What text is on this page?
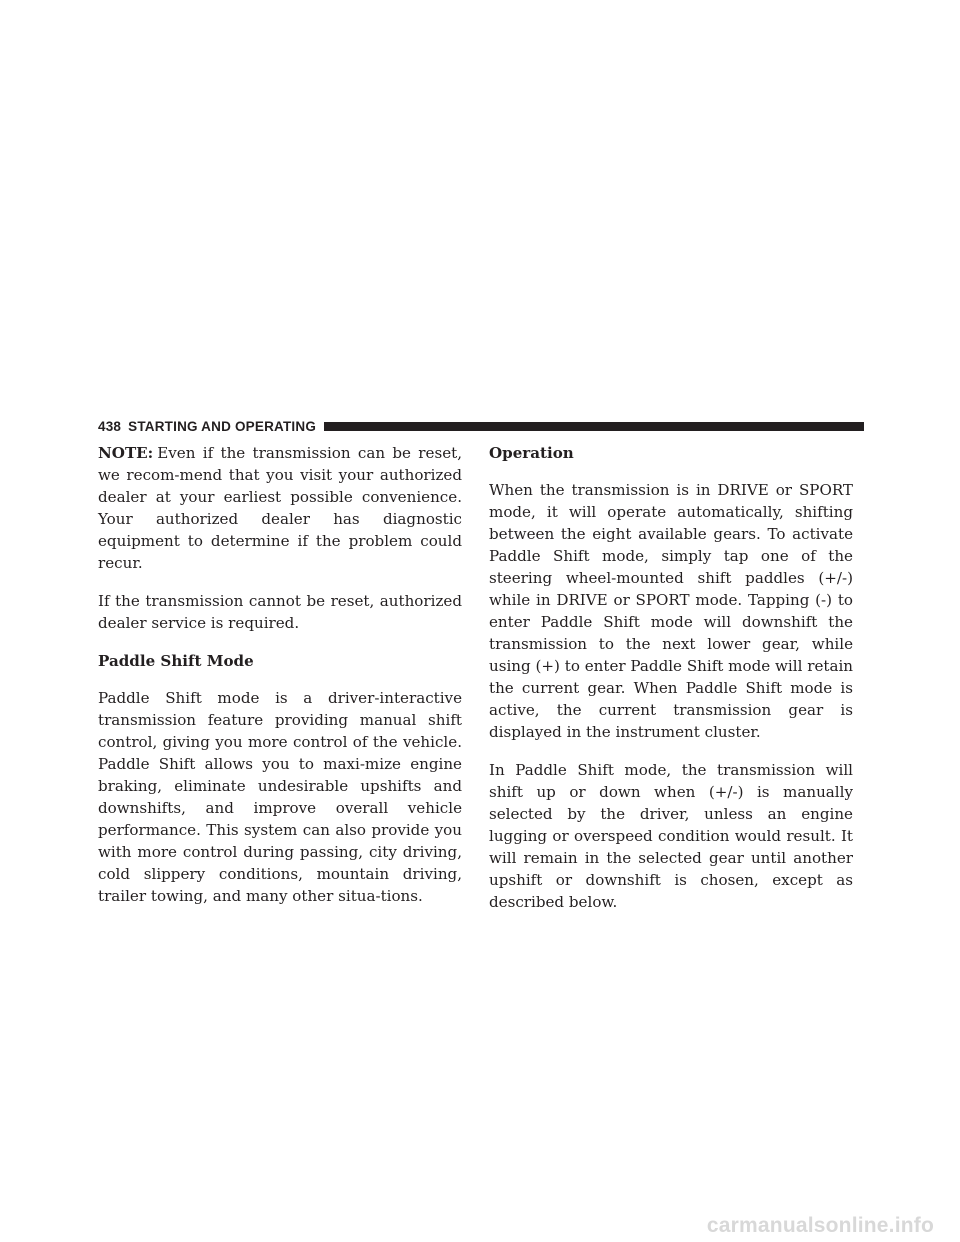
438 STARTING AND OPERATING

NOTE: Even if the transmission can be reset, we recom-mend that you visit your authorized dealer at your earliest possible convenience. Your authorized dealer has diagnostic equipment to determine if the problem could recur.

If the transmission cannot be reset, authorized dealer service is required.

Paddle Shift Mode

Paddle Shift mode is a driver-interactive transmission feature providing manual shift control, giving you more control of the vehicle. Paddle Shift allows you to maxi-mize engine braking, eliminate undesirable upshifts and downshifts, and improve overall vehicle performance. This system can also provide you with more control during passing, city driving, cold slippery conditions, mountain driving, trailer towing, and many other situa-tions.

Operation

When the transmission is in DRIVE or SPORT mode, it will operate automatically, shifting between the eight available gears. To activate Paddle Shift mode, simply tap one of the steering wheel-mounted shift paddles (+/-) while in DRIVE or SPORT mode. Tapping (-) to enter Paddle Shift mode will downshift the transmission to the next lower gear, while using (+) to enter Paddle Shift mode will retain the current gear. When Paddle Shift mode is active, the current transmission gear is displayed in the instrument cluster.

In Paddle Shift mode, the transmission will shift up or down when (+/-) is manually selected by the driver, unless an engine lugging or overspeed condition would result. It will remain in the selected gear until another upshift or downshift is chosen, except as described below.

carmanualsonline.info
